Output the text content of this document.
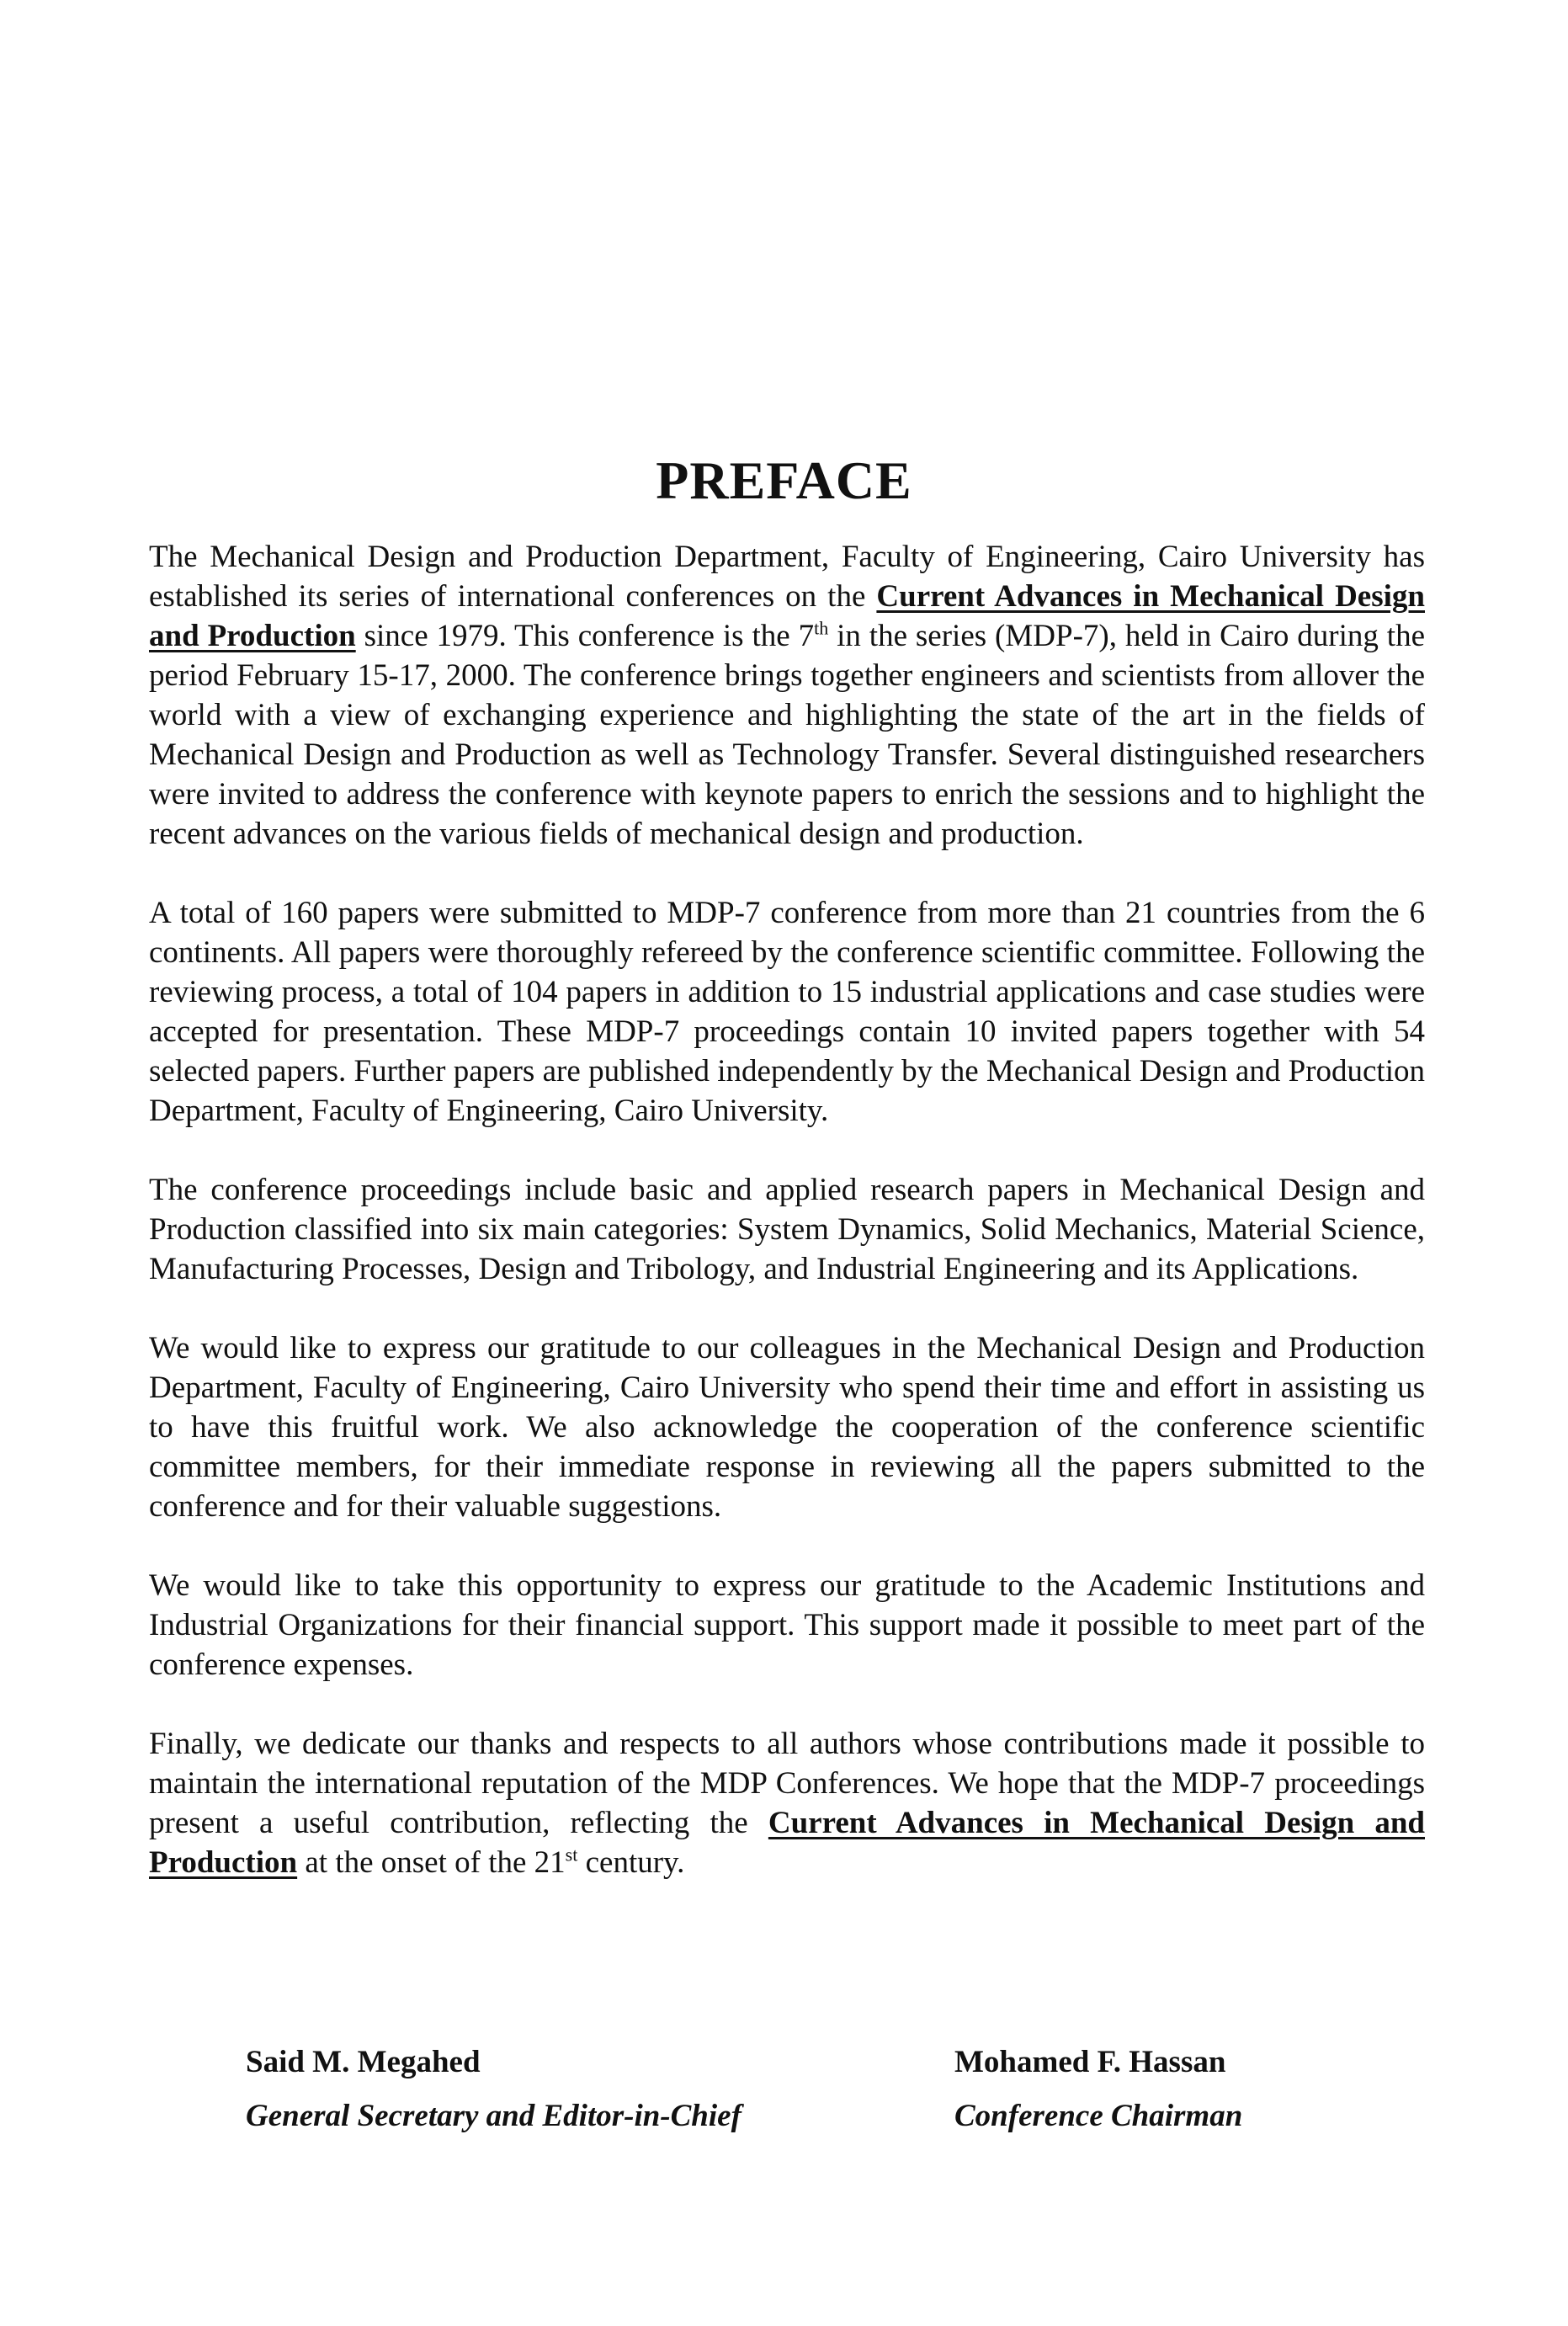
PREFACE

The Mechanical Design and Production Department, Faculty of Engineering, Cairo University has established its series of international conferences on the Current Advances in Mechanical Design and Production since 1979. This conference is the 7th in the series (MDP-7), held in Cairo during the period February 15-17, 2000. The conference brings together engineers and scientists from allover the world with a view of exchanging experience and highlighting the state of the art in the fields of Mechanical Design and Production as well as Technology Transfer. Several distinguished researchers were invited to address the conference with keynote papers to enrich the sessions and to highlight the recent advances on the various fields of mechanical design and production.

A total of 160 papers were submitted to MDP-7 conference from more than 21 countries from the 6 continents. All papers were thoroughly refereed by the conference scientific committee. Following the reviewing process, a total of 104 papers in addition to 15 industrial applications and case studies were accepted for presentation. These MDP-7 proceedings contain 10 invited papers together with 54 selected papers. Further papers are published independently by the Mechanical Design and Production Department, Faculty of Engineering, Cairo University.

The conference proceedings include basic and applied research papers in Mechanical Design and Production classified into six main categories: System Dynamics, Solid Mechanics, Material Science, Manufacturing Processes, Design and Tribology, and Industrial Engineering and its Applications.

We would like to express our gratitude to our colleagues in the Mechanical Design and Production Department, Faculty of Engineering, Cairo University who spend their time and effort in assisting us to have this fruitful work. We also acknowledge the cooperation of the conference scientific committee members, for their immediate response in reviewing all the papers submitted to the conference and for their valuable suggestions.

We would like to take this opportunity to express our gratitude to the Academic Institutions and Industrial Organizations for their financial support. This support made it possible to meet part of the conference expenses.

Finally, we dedicate our thanks and respects to all authors whose contributions made it possible to maintain the international reputation of the MDP Conferences. We hope that the MDP-7 proceedings present a useful contribution, reflecting the Current Advances in Mechanical Design and Production at the onset of the 21st century.

Said M. Megahed
General Secretary and Editor-in-Chief
Mohamed F. Hassan
Conference Chairman
